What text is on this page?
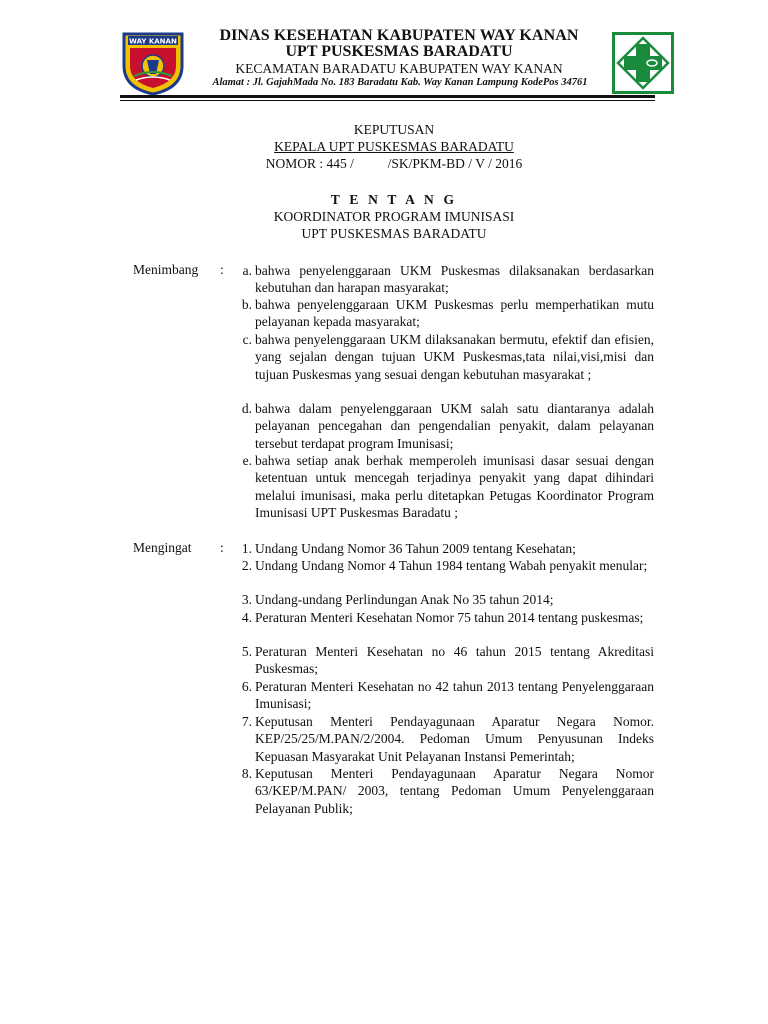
WAY KANAN	DINAS KESEHATAN KABUPATEN WAY KANAN
UPT PUSKESMAS BARADATU
KECAMATAN BARADATU KABUPATEN WAY KANAN
Alamat : Jl. GajahMada No. 183 Baradatu Kab. Way Kanan Lampung KodePos 34761
KEPUTUSAN
KEPALA UPT PUSKESMAS BARADATU
NOMOR : 445 /          /SK/PKM-BD / V / 2016
T E N T A N G
KOORDINATOR PROGRAM IMUNISASI
UPT PUSKESMAS BARADATU
Menimbang :	a. bahwa penyelenggaraan UKM Puskesmas dilaksanakan berdasarkan kebutuhan dan harapan masyarakat;
b. bahwa penyelenggaraan UKM Puskesmas perlu memperhatikan mutu pelayanan kepada masyarakat;
c. bahwa penyelenggaraan UKM dilaksanakan bermutu, efektif dan efisien, yang sejalan dengan tujuan UKM Puskesmas,tata nilai,visi,misi dan tujuan Puskesmas yang sesuai dengan kebutuhan masyarakat ;
d. bahwa dalam penyelenggaraan UKM salah satu diantaranya adalah pelayanan pencegahan dan pengendalian penyakit, dalam pelayanan tersebut terdapat program Imunisasi;
e. bahwa setiap anak berhak memperoleh imunisasi dasar sesuai dengan ketentuan untuk mencegah terjadinya penyakit yang dapat dihindari melalui imunisasi, maka perlu ditetapkan Petugas Koordinator Program Imunisasi UPT Puskesmas Baradatu ;
Mengingat :	1. Undang Undang Nomor 36 Tahun 2009 tentang Kesehatan;
2. Undang Undang Nomor 4 Tahun 1984 tentang Wabah penyakit menular;
3. Undang-undang Perlindungan Anak No 35 tahun 2014;
4. Peraturan Menteri Kesehatan Nomor 75 tahun 2014 tentang puskesmas;
5. Peraturan Menteri Kesehatan no 46 tahun 2015 tentang Akreditasi Puskesmas;
6. Peraturan Menteri Kesehatan no 42 tahun 2013 tentang Penyelenggaraan Imunisasi;
7. Keputusan Menteri Pendayagunaan Aparatur Negara Nomor. KEP/25/25/M.PAN/2/2004. Pedoman Umum Penyusunan Indeks Kepuasan Masyarakat Unit Pelayanan Instansi Pemerintah;
8. Keputusan Menteri Pendayagunaan Aparatur Negara Nomor 63/KEP/M.PAN/ 2003, tentang Pedoman Umum Penyelenggaraan Pelayanan Publik;
